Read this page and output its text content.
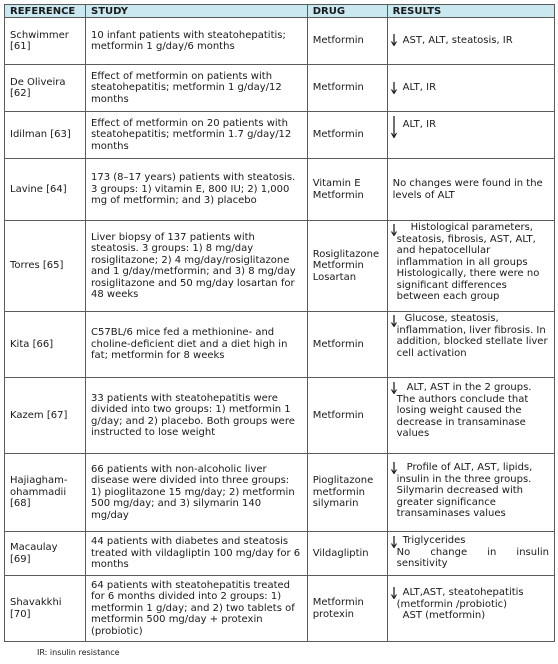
REFERENCE	STUDY	DRUG	RESULTS
Schwimmer [61]	10 infant patients with steatohepatitis; metformin 1 g/day/6 months	Metformin	AST, ALT, steatosis, IR

De Oliveira [62]	Effect of metformin on patients with steatohepatitis; metformin 1 g/day/12 months	Metformin	ALT, IR

Idilman [63]	Effect of metformin on 20 patients with steatohepatitis; metformin 1.7 g/day/12 months	Metformin	ALT, IR

Lavine [64]	173 (8–17 years) patients with steatosis. 3 groups: 1) vitamin E, 800 IU; 2) 1,000 mg of metformin; and 3) placebo	Vitamin E Metformin	No changes were found in the levels of ALT

Torres [65]	Liver biopsy of 137 patients with steatosis. 3 groups: 1) 8 mg/day rosiglitazone; 2) 4 mg/day/rosiglitazone and 1 g/day/metformin; and 3) 8 mg/day rosiglitazone and 50 mg/day losartan for 48 weeks	Rosiglitazone Metformin Losartan	Histological parameters, steatosis, fibrosis, AST, ALT, and hepatocellular inflammation in all groups Histologically, there were no significant differences between each group

Kita [66]	C57BL/6 mice fed a methionine- and choline-deficient diet and a diet high in fat; metformin for 8 weeks	Metformin	Glucose, steatosis, inflammation, liver fibrosis. In addition, blocked stellate liver cell activation

Kazem [67]	33 patients with steatohepatitis were divided into two groups: 1) metformin 1 g/day; and 2) placebo. Both groups were instructed to lose weight	Metformin	ALT, AST in the 2 groups. The authors conclude that losing weight caused the decrease in transaminase values

Hajiagham-ohammadii [68]	66 patients with non-alcoholic liver disease were divided into three groups: 1) pioglitazone 15 mg/day; 2) metformin 500 mg/day; and 3) silymarin 140 mg/day	Pioglitazone metformin silymarin	Profile of ALT, AST, lipids, insulin in the three groups. Silymarin decreased with greater significance transaminases values

Macaulay [69]	44 patients with diabetes and steatosis treated with vildagliptin 100 mg/day for 6 months	Vildagliptin	Triglycerides
No change in insulin sensitivity

Shavakkhi [70]	64 patients with steatohepatitis treated for 6 months divided into 2 groups: 1) metformin 1 g/day; and 2) two tablets of metformin 500 mg/day + protexin (probiotic)	Metformin protexin	ALT,AST, steatohepatitis (metformin /probiotic)
AST (metformin)
IR: insulin resistance
